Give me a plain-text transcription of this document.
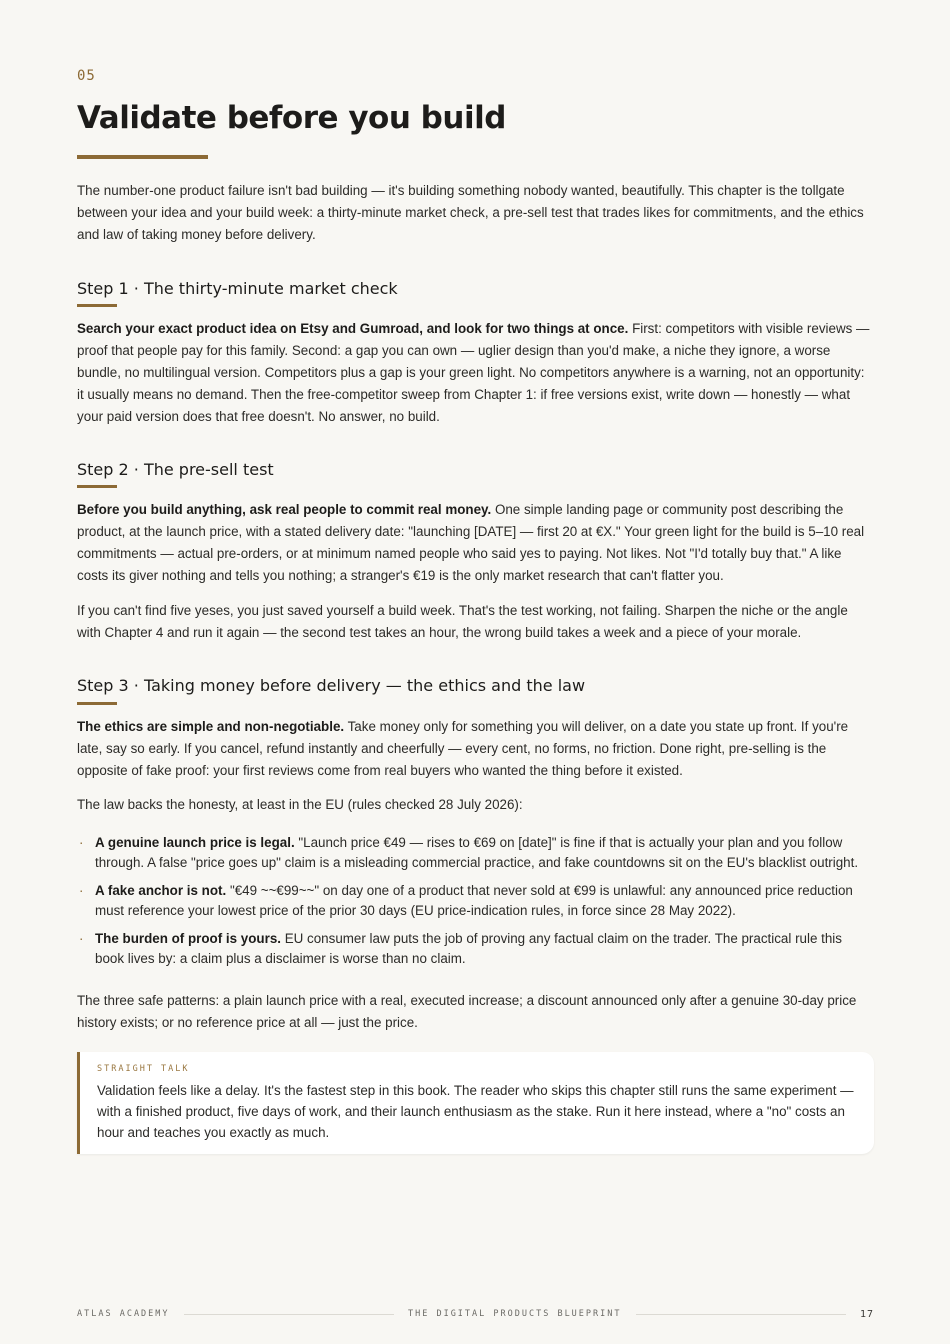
05
Validate before you build

The number-one product failure isn't bad building — it's building something nobody wanted, beautifully. This chapter is the tollgate between your idea and your build week: a thirty-minute market check, a pre-sell test that trades likes for commitments, and the ethics and law of taking money before delivery.

Step 1 · The thirty-minute market check

Search your exact product idea on Etsy and Gumroad, and look for two things at once. First: competitors with visible reviews — proof that people pay for this family. Second: a gap you can own — uglier design than you'd make, a niche they ignore, a worse bundle, no multilingual version. Competitors plus a gap is your green light. No competitors anywhere is a warning, not an opportunity: it usually means no demand. Then the free-competitor sweep from Chapter 1: if free versions exist, write down — honestly — what your paid version does that free doesn't. No answer, no build.

Step 2 · The pre-sell test

Before you build anything, ask real people to commit real money. One simple landing page or community post describing the product, at the launch price, with a stated delivery date: "launching [DATE] — first 20 at €X." Your green light for the build is 5–10 real commitments — actual pre-orders, or at minimum named people who said yes to paying. Not likes. Not "I'd totally buy that." A like costs its giver nothing and tells you nothing; a stranger's €19 is the only market research that can't flatter you.

If you can't find five yeses, you just saved yourself a build week. That's the test working, not failing. Sharpen the niche or the angle with Chapter 4 and run it again — the second test takes an hour, the wrong build takes a week and a piece of your morale.

Step 3 · Taking money before delivery — the ethics and the law

The ethics are simple and non-negotiable. Take money only for something you will deliver, on a date you state up front. If you're late, say so early. If you cancel, refund instantly and cheerfully — every cent, no forms, no friction. Done right, pre-selling is the opposite of fake proof: your first reviews come from real buyers who wanted the thing before it existed.

The law backs the honesty, at least in the EU (rules checked 28 July 2026):

· A genuine launch price is legal. "Launch price €49 — rises to €69 on [date]" is fine if that is actually your plan and you follow through. A false "price goes up" claim is a misleading commercial practice, and fake countdowns sit on the EU's blacklist outright.
· A fake anchor is not. "€49 ~~€99~~" on day one of a product that never sold at €99 is unlawful: any announced price reduction must reference your lowest price of the prior 30 days (EU price-indication rules, in force since 28 May 2022).
· The burden of proof is yours. EU consumer law puts the job of proving any factual claim on the trader. The practical rule this book lives by: a claim plus a disclaimer is worse than no claim.

The three safe patterns: a plain launch price with a real, executed increase; a discount announced only after a genuine 30-day price history exists; or no reference price at all — just the price.

STRAIGHT TALK

Validation feels like a delay. It's the fastest step in this book. The reader who skips this chapter still runs the same experiment — with a finished product, five days of work, and their launch enthusiasm as the stake. Run it here instead, where a "no" costs an hour and teaches you exactly as much.

ATLAS ACADEMY	THE DIGITAL PRODUCTS BLUEPRINT	17
